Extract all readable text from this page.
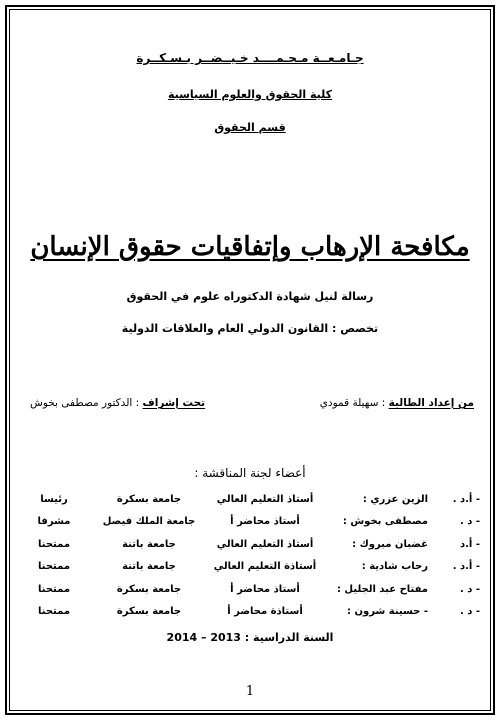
جـامـعــة مـحـمــــد خـيــضــر بـسـكــرة
كلية الحقوق والعلوم السياسية
قسم الحقوق
مكافحة الإرهاب وإتفاقيات حقوق الإنسان
رسالة لنيل شهادة الدكتوراه علوم في الحقوق
تخصص : القانون الدولي العام والعلاقات الدولية
من إعداد الطالبة : سهيلة قمودي
تحت إشراف : الدكتور مصطفى بخوش
أعضاء لجنة المناقشة :
- أ.د .	الزين عزري :	أستاذ التعليم العالي	جامعة بسكرة	رئيسا
- د .	مصطفى بخوش :	أستاذ محاضر أ	جامعة الملك فيصل	مشرفا
- أ.د	غضبان مبروك :	أستاذ التعليم العالي	جامعة باتنة	ممتحنا
- أ.د .	رحاب شادية :	أستاذة التعليم العالي	جامعة باتنة	ممتحنا
- د .	مفتاح عبد الجليل :	أستاذ محاضر أ	جامعة بسكرة	ممتحنا
- د .	- حسينة شرون :	أستاذة محاضر أ	جامعة بسكرة	ممتحنا
السنة الدراسية : 2013 – 2014
1
